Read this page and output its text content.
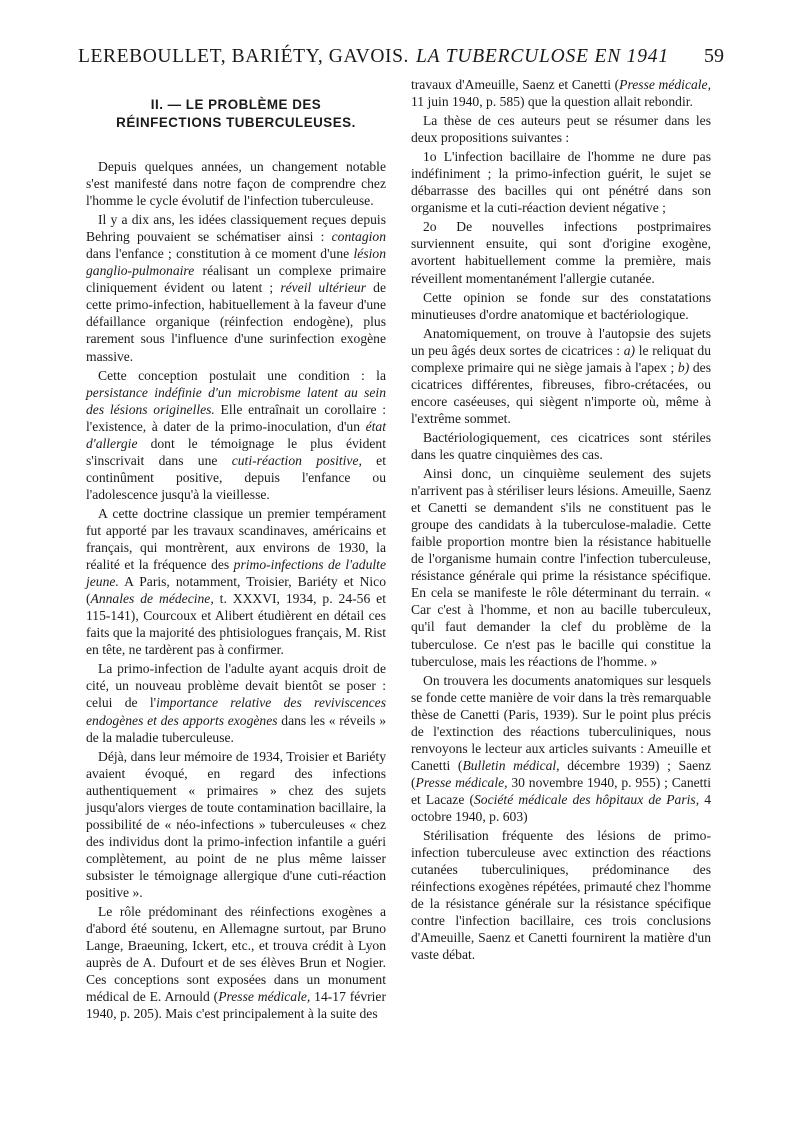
LEREBOULLET, BARIÉTY, GAVOIS. LA TUBERCULOSE EN 1941 59
II. — LE PROBLÈME DES
RÉINFECTIONS TUBERCULEUSES.

Depuis quelques années, un changement notable s'est manifesté dans notre façon de comprendre chez l'homme le cycle évolutif de l'infection tuberculeuse.

Il y a dix ans, les idées classiquement reçues depuis Behring pouvaient se schématiser ainsi : contagion dans l'enfance ; constitution à ce moment d'une lésion ganglio-pulmonaire réalisant un complexe primaire cliniquement évident ou latent ; réveil ultérieur de cette primo-infection, habituellement à la faveur d'une défaillance organique (réinfection endogène), plus rarement sous l'influence d'une surinfection exogène massive.

Cette conception postulait une condition : la persistance indéfinie d'un microbisme latent au sein des lésions originelles. Elle entraînait un corollaire : l'existence, à dater de la primo-inoculation, d'un état d'allergie dont le témoignage le plus évident s'inscrivait dans une cuti-réaction positive, et continûment positive, depuis l'enfance ou l'adolescence jusqu'à la vieillesse.

A cette doctrine classique un premier tempérament fut apporté par les travaux scandinaves, américains et français, qui montrèrent, aux environs de 1930, la réalité et la fréquence des primo-infections de l'adulte jeune. A Paris, notamment, Troisier, Bariéty et Nico (Annales de médecine, t. XXXVI, 1934, p. 24-56 et 115-141), Courcoux et Alibert étudièrent en détail ces faits que la majorité des phtisiologues français, M. Rist en tête, ne tardèrent pas à confirmer.

La primo-infection de l'adulte ayant acquis droit de cité, un nouveau problème devait bientôt se poser : celui de l'importance relative des reviviscences endogènes et des apports exogènes dans les « réveils » de la maladie tuberculeuse.

Déjà, dans leur mémoire de 1934, Troisier et Bariéty avaient évoqué, en regard des infections authentiquement « primaires » chez des sujets jusqu'alors vierges de toute contamination bacillaire, la possibilité de « néo-infections » tuberculeuses « chez des individus dont la primo-infection infantile a guéri complètement, au point de ne plus même laisser subsister le témoignage allergique d'une cuti-réaction positive ».

Le rôle prédominant des réinfections exogènes a d'abord été soutenu, en Allemagne surtout, par Bruno Lange, Braeuning, Ickert, etc., et trouva crédit à Lyon auprès de A. Dufourt et de ses élèves Brun et Nogier. Ces conceptions sont exposées dans un monument médical de E. Arnould (Presse médicale, 14-17 février 1940, p. 205). Mais c'est principalement à la suite des

travaux d'Ameuille, Saenz et Canetti (Presse médicale, 11 juin 1940, p. 585) que la question allait rebondir.

La thèse de ces auteurs peut se résumer dans les deux propositions suivantes :

1o L'infection bacillaire de l'homme ne dure pas indéfiniment ; la primo-infection guérit, le sujet se débarrasse des bacilles qui ont pénétré dans son organisme et la cuti-réaction devient négative ;

2o De nouvelles infections postprimaires surviennent ensuite, qui sont d'origine exogène, avortent habituellement comme la première, mais réveillent momentanément l'allergie cutanée.

Cette opinion se fonde sur des constatations minutieuses d'ordre anatomique et bactériologique.

Anatomiquement, on trouve à l'autopsie des sujets un peu âgés deux sortes de cicatrices : a) le reliquat du complexe primaire qui ne siège jamais à l'apex ; b) des cicatrices différentes, fibreuses, fibro-crétacées, ou encore caséeuses, qui siègent n'importe où, même à l'extrême sommet.

Bactériologiquement, ces cicatrices sont stériles dans les quatre cinquièmes des cas.

Ainsi donc, un cinquième seulement des sujets n'arrivent pas à stériliser leurs lésions. Ameuille, Saenz et Canetti se demandent s'ils ne constituent pas le groupe des candidats à la tuberculose-maladie. Cette faible proportion montre bien la résistance habituelle de l'organisme humain contre l'infection tuberculeuse, résistance générale qui prime la résistance spécifique. En cela se manifeste le rôle déterminant du terrain. « Car c'est à l'homme, et non au bacille tuberculeux, qu'il faut demander la clef du problème de la tuberculose. Ce n'est pas le bacille qui constitue la tuberculose, mais les réactions de l'homme. »

On trouvera les documents anatomiques sur lesquels se fonde cette manière de voir dans la très remarquable thèse de Canetti (Paris, 1939). Sur le point plus précis de l'extinction des réactions tuberculiniques, nous renvoyons le lecteur aux articles suivants : Ameuille et Canetti (Bulletin médical, décembre 1939) ; Saenz (Presse médicale, 30 novembre 1940, p. 955) ; Canetti et Lacaze (Société médicale des hôpitaux de Paris, 4 octobre 1940, p. 603)

Stérilisation fréquente des lésions de primo-infection tuberculeuse avec extinction des réactions cutanées tuberculiniques, prédominance des réinfections exogènes répétées, primauté chez l'homme de la résistance générale sur la résistance spécifique contre l'infection bacillaire, ces trois conclusions d'Ameuille, Saenz et Canetti fournirent la matière d'un vaste débat.
